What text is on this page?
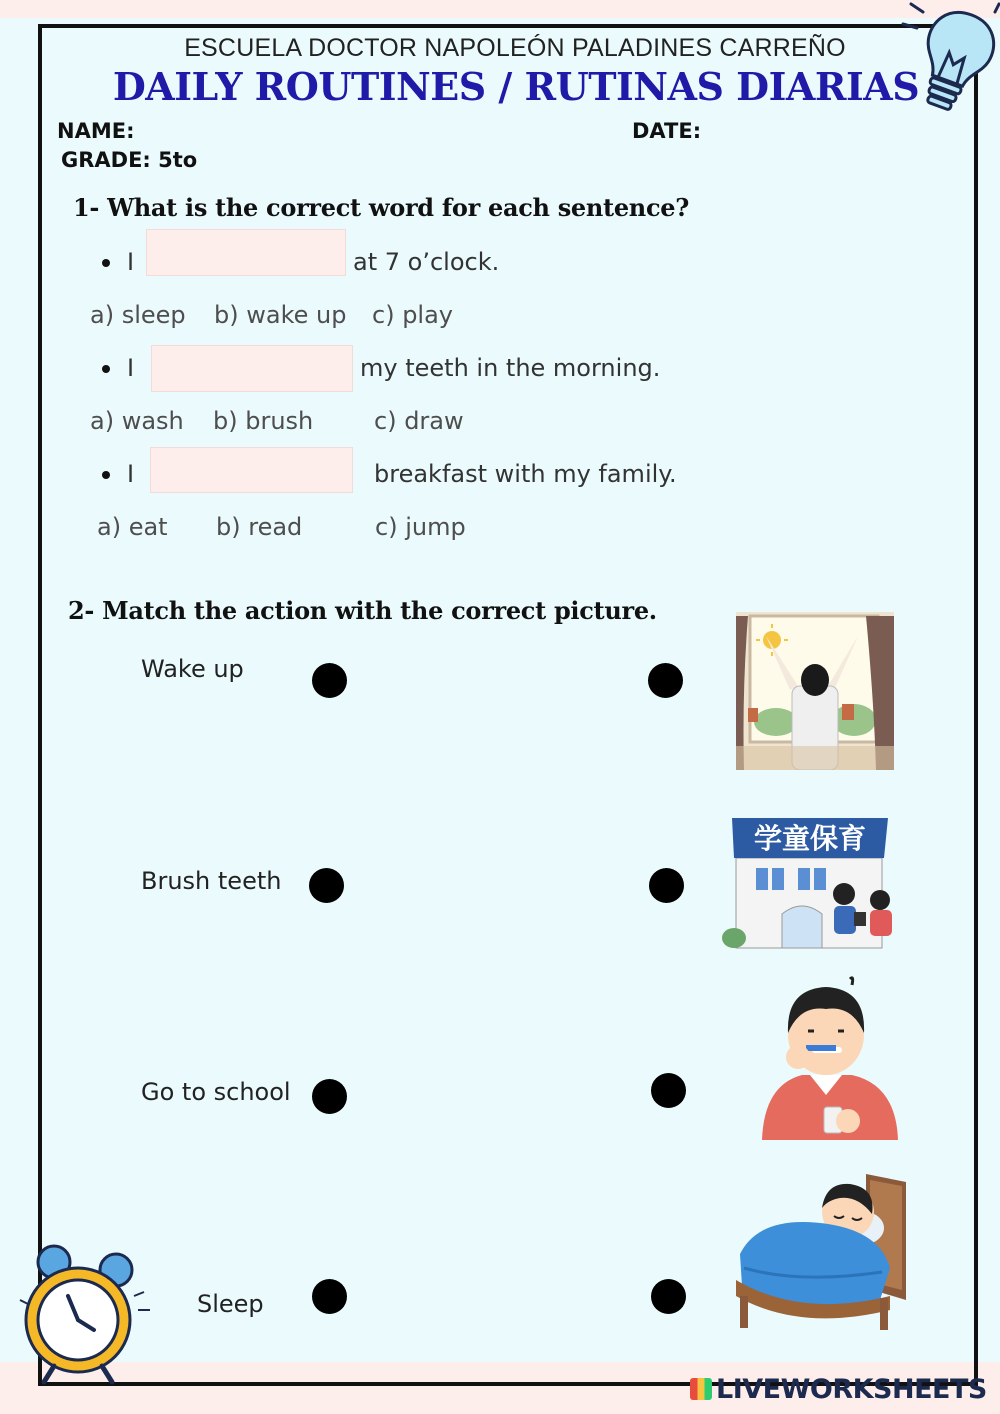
ESCUELA DOCTOR NAPOLEÓN PALADINES CARREÑO
DAILY ROUTINES / RUTINAS DIARIAS
NAME:	DATE:
GRADE: 5to
1- What is the correct word for each sentence?
I	at 7 o’clock.
a) sleep b) wake up c) play
I	my teeth in the morning.
a) wash b) brush	c) draw
I	breakfast with my family.
a) eat b) read	c) jump
2- Match the action with the correct picture.
Wake up
Brush teeth
Go to school
Sleep
学童保育
LIVEWORKSHEETS
